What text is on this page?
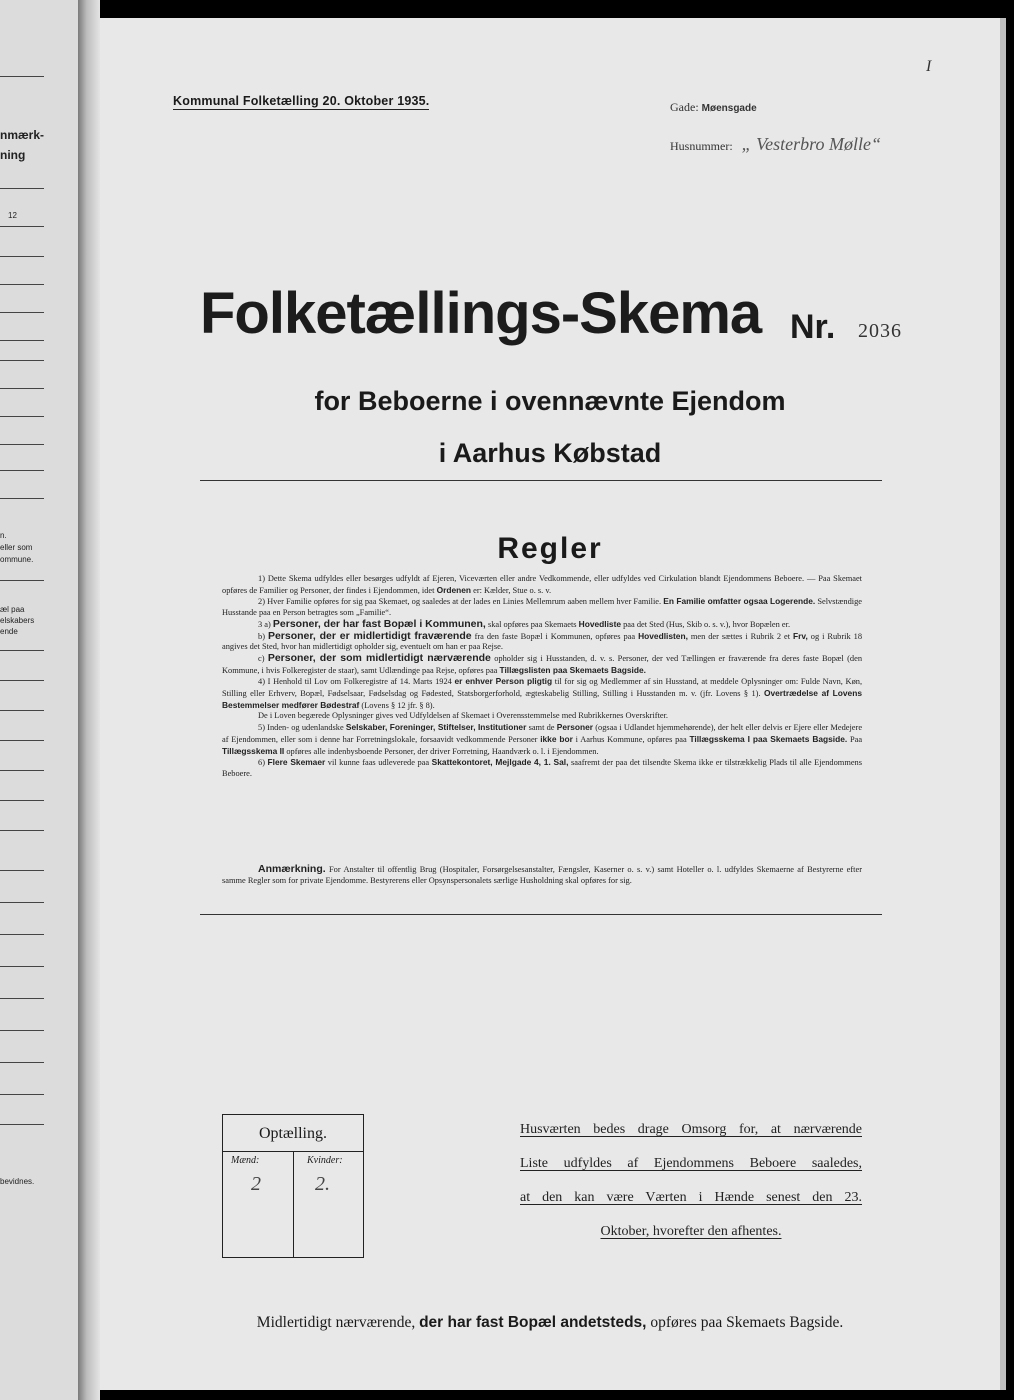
nmærk-
ning
12
n.
eller som
ommune.
æl paa
elskabers
ende
bevidnes.
Kommunal Folketælling 20. Oktober 1935.	Gade: Møensgade
Husnummer: „ Vesterbro Mølle“
I
Folketællings-Skema Nr. 2036
for Beboerne i ovennævnte Ejendom
i Aarhus Købstad
Regler

1) Dette Skema udfyldes eller besørges udfyldt af Ejeren, Viceværten eller andre Vedkommende, eller udfyldes ved Cirkulation blandt Ejendommens Beboere. — Paa Skemaet opføres de Familier og Personer, der findes i Ejendommen, idet Ordenen er: Kælder, Stue o. s. v.

2) Hver Familie opføres for sig paa Skemaet, og saaledes at der lades en Linies Mellemrum aaben mellem hver Familie. En Familie omfatter ogsaa Logerende. Selvstændige Husstande paa en Person betragtes som „Familie“.

3 a) Personer, der har fast Bopæl i Kommunen, skal opføres paa Skemaets Hovedliste paa det Sted (Hus, Skib o. s. v.), hvor Bopælen er.

b) Personer, der er midlertidigt fraværende fra den faste Bopæl i Kommunen, opføres paa Hovedlisten, men der sættes i Rubrik 2 et Frv, og i Rubrik 18 angives det Sted, hvor han midlertidigt opholder sig, eventuelt om han er paa Rejse.

c) Personer, der som midlertidigt nærværende opholder sig i Husstanden, d. v. s. Personer, der ved Tællingen er fraværende fra deres faste Bopæl (den Kommune, i hvis Folkeregister de staar), samt Udlændinge paa Rejse, opføres paa Tillægslisten paa Skemaets Bagside.

4) I Henhold til Lov om Folkeregistre af 14. Marts 1924 er enhver Person pligtig til for sig og Medlemmer af sin Husstand, at meddele Oplysninger om: Fulde Navn, Køn, Stilling eller Erhverv, Bopæl, Fødselsaar, Fødselsdag og Fødested, Statsborgerforhold, ægteskabelig Stilling, Stilling i Husstanden m. v. (jfr. Lovens § 1). Overtrædelse af Lovens Bestemmelser medfører Bødestraf (Lovens § 12 jfr. § 8).

De i Loven begærede Oplysninger gives ved Udfyldelsen af Skemaet i Overensstemmelse med Rubrikkernes Overskrifter.

5) Inden- og udenlandske Selskaber, Foreninger, Stiftelser, Institutioner samt de Personer (ogsaa i Udlandet hjemmehørende), der helt eller delvis er Ejere eller Medejere af Ejendommen, eller som i denne har Forretningslokale, forsaavidt vedkommende Personer ikke bor i Aarhus Kommune, opføres paa Tillægsskema I paa Skemaets Bagside. Paa Tillægsskema II opføres alle indenbysboende Personer, der driver Forretning, Haandværk o. l. i Ejendommen.

6) Flere Skemaer vil kunne faas udleverede paa Skattekontoret, Mejlgade 4, 1. Sal, saafremt der paa det tilsendte Skema ikke er tilstrækkelig Plads til alle Ejendommens Beboere.

Anmærkning. For Anstalter til offentlig Brug (Hospitaler, Forsørgelsesanstalter, Fængsler, Kaserner o. s. v.) samt Hoteller o. l. udfyldes Skemaerne af Bestyrerne efter samme Regler som for private Ejendomme. Bestyrerens eller Opsynspersonalets særlige Husholdning skal opføres for sig.

Optælling.
Mænd:	Kvinder:
2	2.
Husværten bedes drage Omsorg for, at nærværende
Liste udfyldes af Ejendommens Beboere saaledes,
at den kan være Værten i Hænde senest den 23.
Oktober, hvorefter den afhentes.
Midlertidigt nærværende, der har fast Bopæl andetsteds, opføres paa Skemaets Bagside.
